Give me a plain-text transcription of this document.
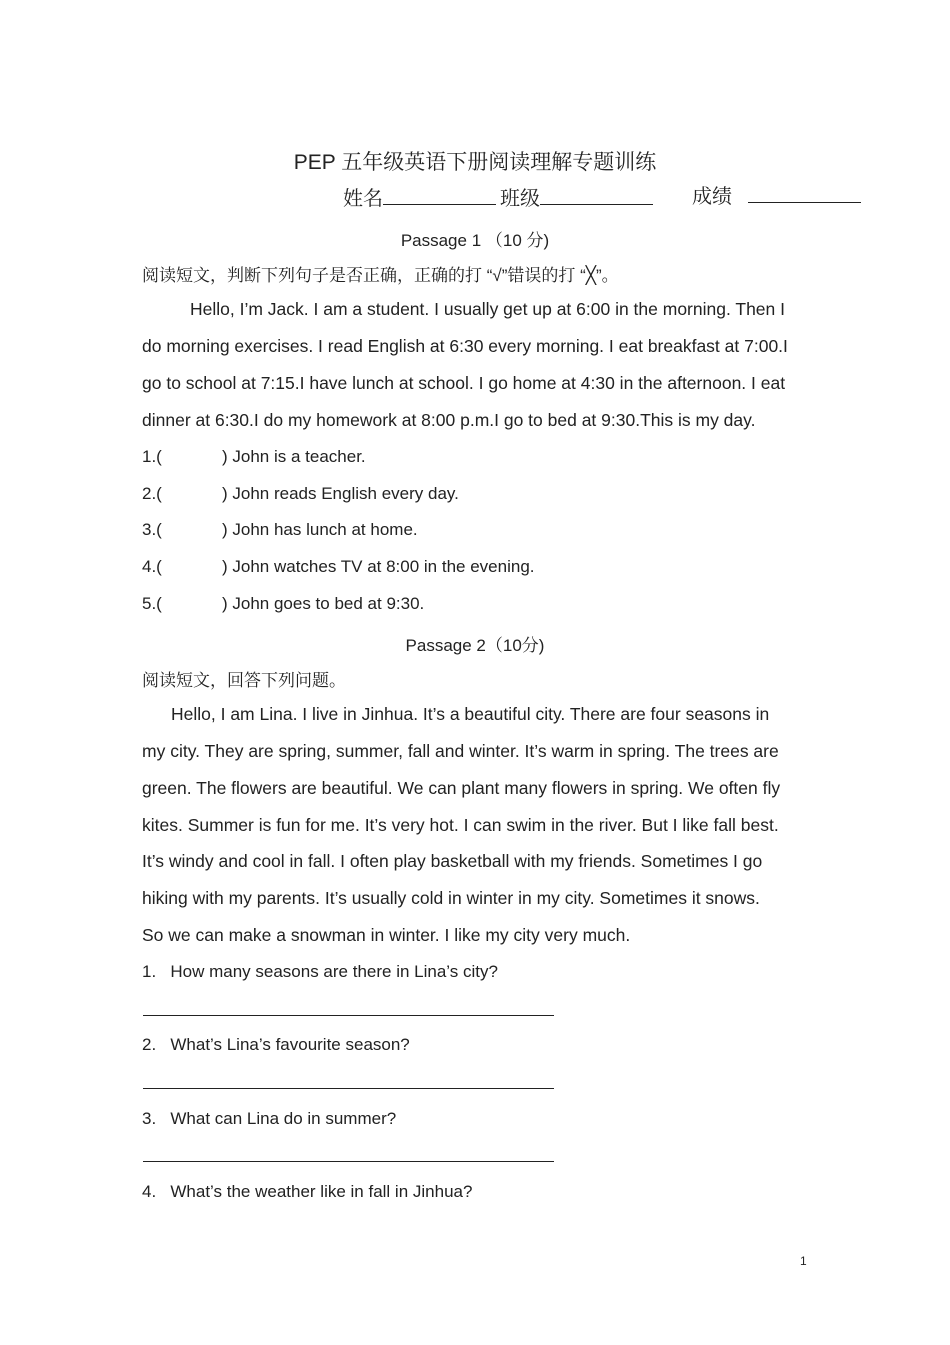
PEP 五年级英语下册阅读理解专题训练
姓名	班级	成绩
Passage 1 （10 分)
阅读短文，判断下列句子是否正确，正确的打 “√”错误的打 “╳”。
Hello, I’m Jack. I am a student. I usually get up at 6:00 in the morning. Then I
do morning exercises. I read English at 6:30 every morning. I eat breakfast at 7:00.I
go to school at 7:15.I have lunch at school. I go home at 4:30 in the afternoon. I eat
dinner at 6:30.I do my homework at 8:00 p.m.I go to bed at 9:30.This is my day.
1.(	) John is a teacher.
2.(	) John reads English every day.
3.(	) John has lunch at home.
4.(	) John watches TV at 8:00 in the evening.
5.(	) John goes to bed at 9:30.
Passage 2（10分)
阅读短文，回答下列问题。
Hello, I am Lina. I live in Jinhua. It’s a beautiful city. There are four seasons in
my city. They are spring, summer, fall and winter. It’s warm in spring. The trees are
green. The flowers are beautiful. We can plant many flowers in spring. We often fly
kites. Summer is fun for me. It’s very hot. I can swim in the river. But I like fall best.
It’s windy and cool in fall. I often play basketball with my friends. Sometimes I go
hiking with my parents. It’s usually cold in winter in my city. Sometimes it snows.
So we can make a snowman in winter. I like my city very much.
1. How many seasons are there in Lina’s city?
2. What’s Lina’s favourite season?
3. What can Lina do in summer?
4. What’s the weather like in fall in Jinhua?
1
